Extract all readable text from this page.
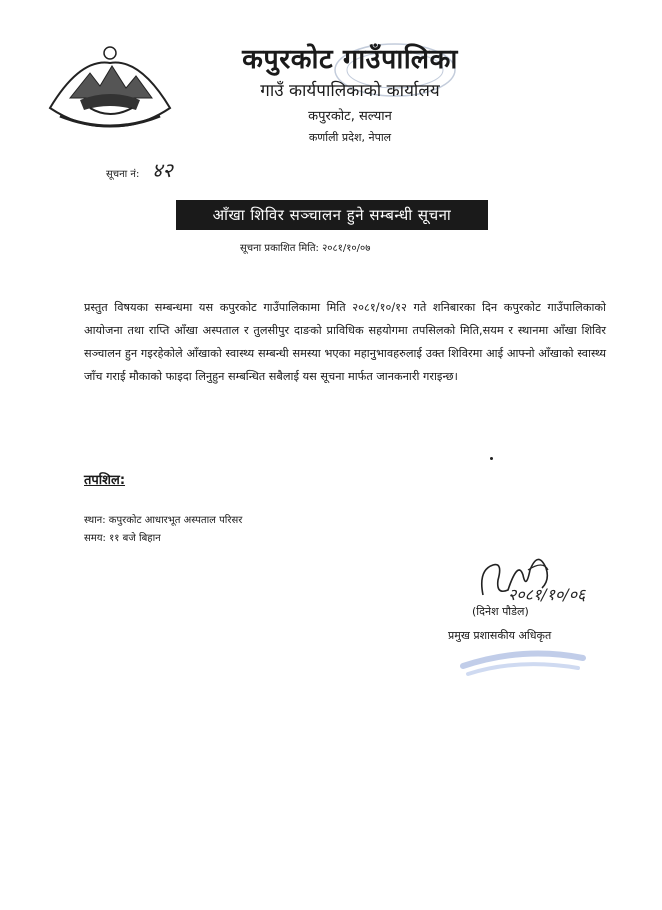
कपुरकोट गाउँपालिका
गाउँ कार्यपालिकाको कार्यालय
कपुरकोट, सल्यान
कर्णाली प्रदेश, नेपाल
सूचना नं: ४२
आँखा शिविर सञ्चालन हुने सम्बन्धी सूचना
सूचना प्रकाशित मिति: २०८१/१०/०७
प्रस्तुत विषयका सम्बन्धमा यस कपुरकोट गाउँपालिकामा मिति २०८१/१०/१२ गते शनिबारका दिन कपुरकोट गाउँपालिकाको आयोजना तथा राप्ति आँखा अस्पताल र तुलसीपुर दाङको प्राविधिक सहयोगमा तपसिलको मिति,सयम र स्थानमा आँखा शिविर सञ्चालन हुन गइरहेकोले आँखाको स्वास्थ्य सम्बन्धी समस्या भएका महानुभावहरुलाई उक्त शिविरमा आई आफ्नो आँखाको स्वास्थ्य जाँच गराई मौकाको फाइदा लिनुहुन सम्बन्धित सबैलाई यस सूचना मार्फत जानकनारी गराइन्छ।
तपशिल:
स्थान: कपुरकोट आधारभूत अस्पताल परिसर
समय: ११ बजे बिहान
२०८१/१०/०६
(दिनेश पौडेल)
प्रमुख प्रशासकीय अधिकृत
